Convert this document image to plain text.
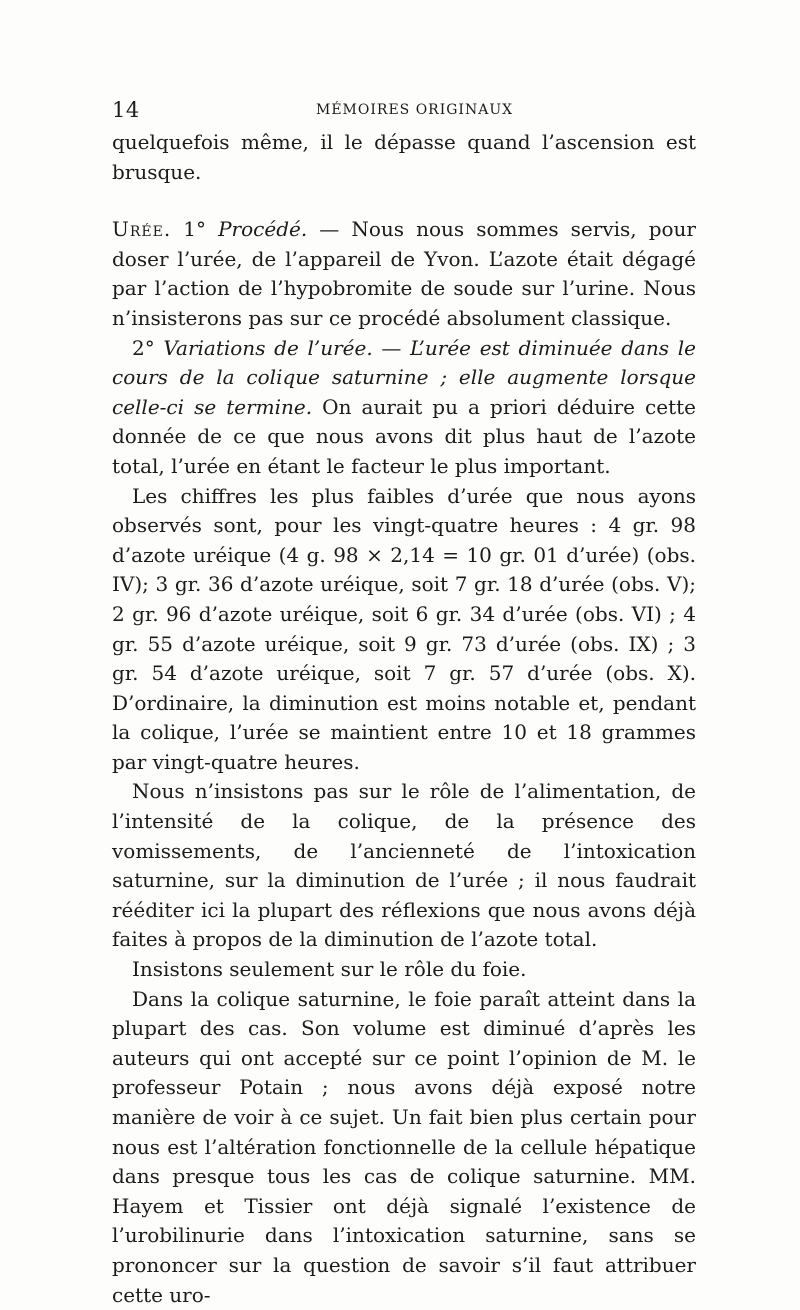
14	MÉMOIRES ORIGINAUX

quelquefois même, il le dépasse quand l’ascension est brusque.

Urée. 1° Procédé. — Nous nous sommes servis, pour doser l’urée, de l’appareil de Yvon. L’azote était dégagé par l’action de l’hypobromite de soude sur l’urine. Nous n’insisterons pas sur ce procédé absolument classique.

2° Variations de l’urée. — L’urée est diminuée dans le cours de la colique saturnine ; elle augmente lorsque celle-ci se termine. On aurait pu a priori déduire cette donnée de ce que nous avons dit plus haut de l’azote total, l’urée en étant le facteur le plus important.

Les chiffres les plus faibles d’urée que nous ayons observés sont, pour les vingt-quatre heures : 4 gr. 98 d’azote uréique (4 g. 98 × 2,14 = 10 gr. 01 d’urée) (obs. IV); 3 gr. 36 d’azote uréique, soit 7 gr. 18 d’urée (obs. V); 2 gr. 96 d’azote uréique, soit 6 gr. 34 d’urée (obs. VI) ; 4 gr. 55 d’azote uréique, soit 9 gr. 73 d’urée (obs. IX) ; 3 gr. 54 d’azote uréique, soit 7 gr. 57 d’urée (obs. X). D’ordinaire, la diminution est moins notable et, pendant la colique, l’urée se maintient entre 10 et 18 grammes par vingt-quatre heures.

Nous n’insistons pas sur le rôle de l’alimentation, de l’intensité de la colique, de la présence des vomissements, de l’ancienneté de l’intoxication saturnine, sur la diminution de l’urée ; il nous faudrait rééditer ici la plupart des réflexions que nous avons déjà faites à propos de la diminution de l’azote total.

Insistons seulement sur le rôle du foie.

Dans la colique saturnine, le foie paraît atteint dans la plupart des cas. Son volume est diminué d’après les auteurs qui ont accepté sur ce point l’opinion de M. le professeur Potain ; nous avons déjà exposé notre manière de voir à ce sujet. Un fait bien plus certain pour nous est l’altération fonctionnelle de la cellule hépatique dans presque tous les cas de colique saturnine. MM. Hayem et Tissier ont déjà signalé l’existence de l’urobilinurie dans l’intoxication saturnine, sans se prononcer sur la question de savoir s’il faut attribuer cette uro-
